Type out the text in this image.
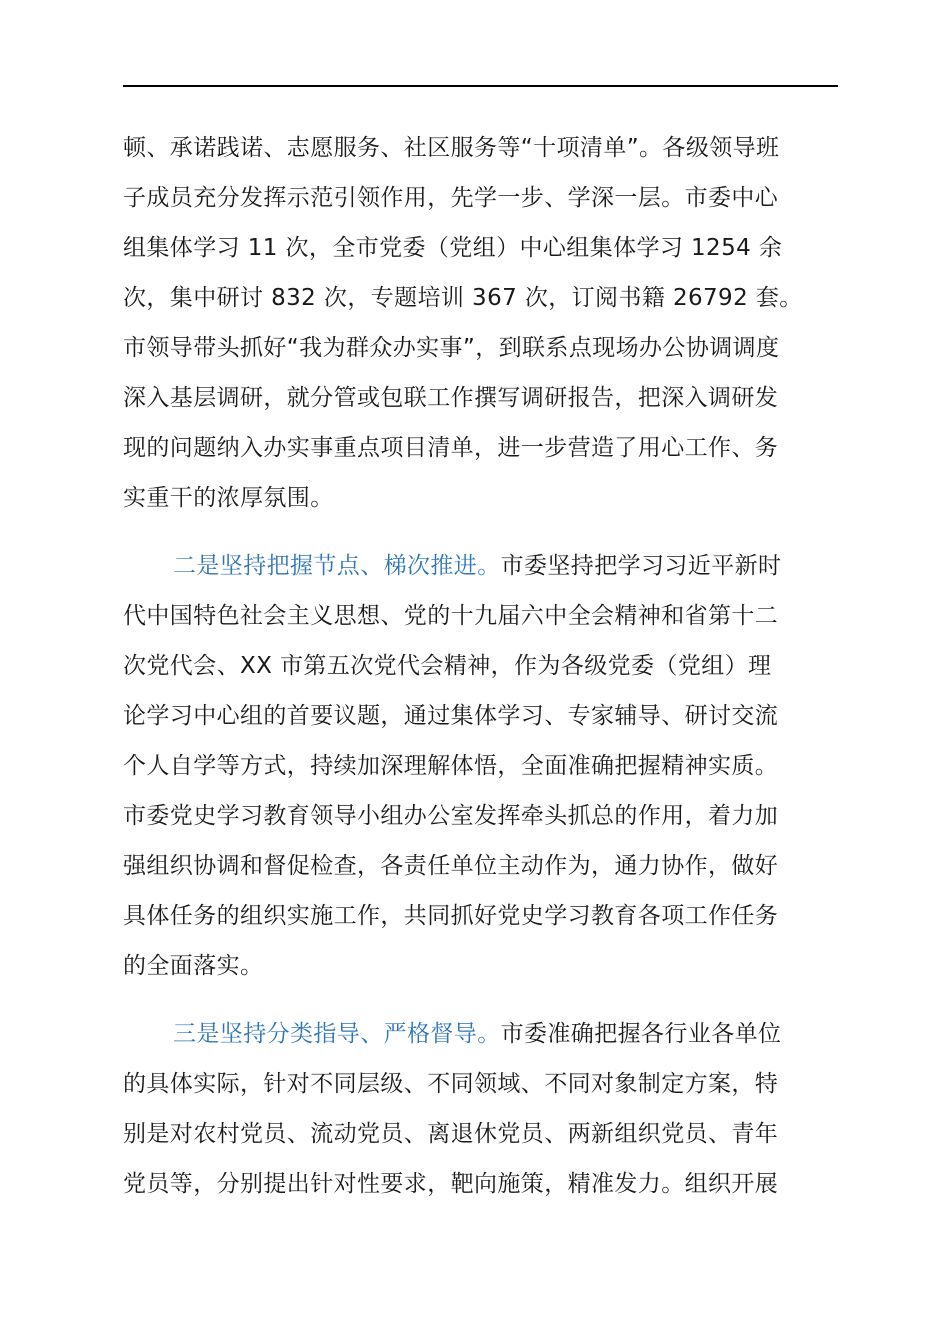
顿、承诺践诺、志愿服务、社区服务等“十项清单”。各级领导班
子成员充分发挥示范引领作用，先学一步、学深一层。市委中心
组集体学习 11 次，全市党委（党组）中心组集体学习 1254 余
次，集中研讨 832 次，专题培训 367 次，订阅书籍 26792 套。
市领导带头抓好“我为群众办实事”，到联系点现场办公协调调度
深入基层调研，就分管或包联工作撰写调研报告，把深入调研发
现的问题纳入办实事重点项目清单，进一步营造了用心工作、务
实重干的浓厚氛围。
二是坚持把握节点、梯次推进。市委坚持把学习习近平新时
代中国特色社会主义思想、党的十九届六中全会精神和省第十二
次党代会、XX 市第五次党代会精神，作为各级党委（党组）理
论学习中心组的首要议题，通过集体学习、专家辅导、研讨交流
个人自学等方式，持续加深理解体悟，全面准确把握精神实质。
市委党史学习教育领导小组办公室发挥牵头抓总的作用，着力加
强组织协调和督促检查，各责任单位主动作为，通力协作，做好
具体任务的组织实施工作，共同抓好党史学习教育各项工作任务
的全面落实。
三是坚持分类指导、严格督导。市委准确把握各行业各单位
的具体实际，针对不同层级、不同领域、不同对象制定方案，特
别是对农村党员、流动党员、离退休党员、两新组织党员、青年
党员等，分别提出针对性要求，靶向施策，精准发力。组织开展
